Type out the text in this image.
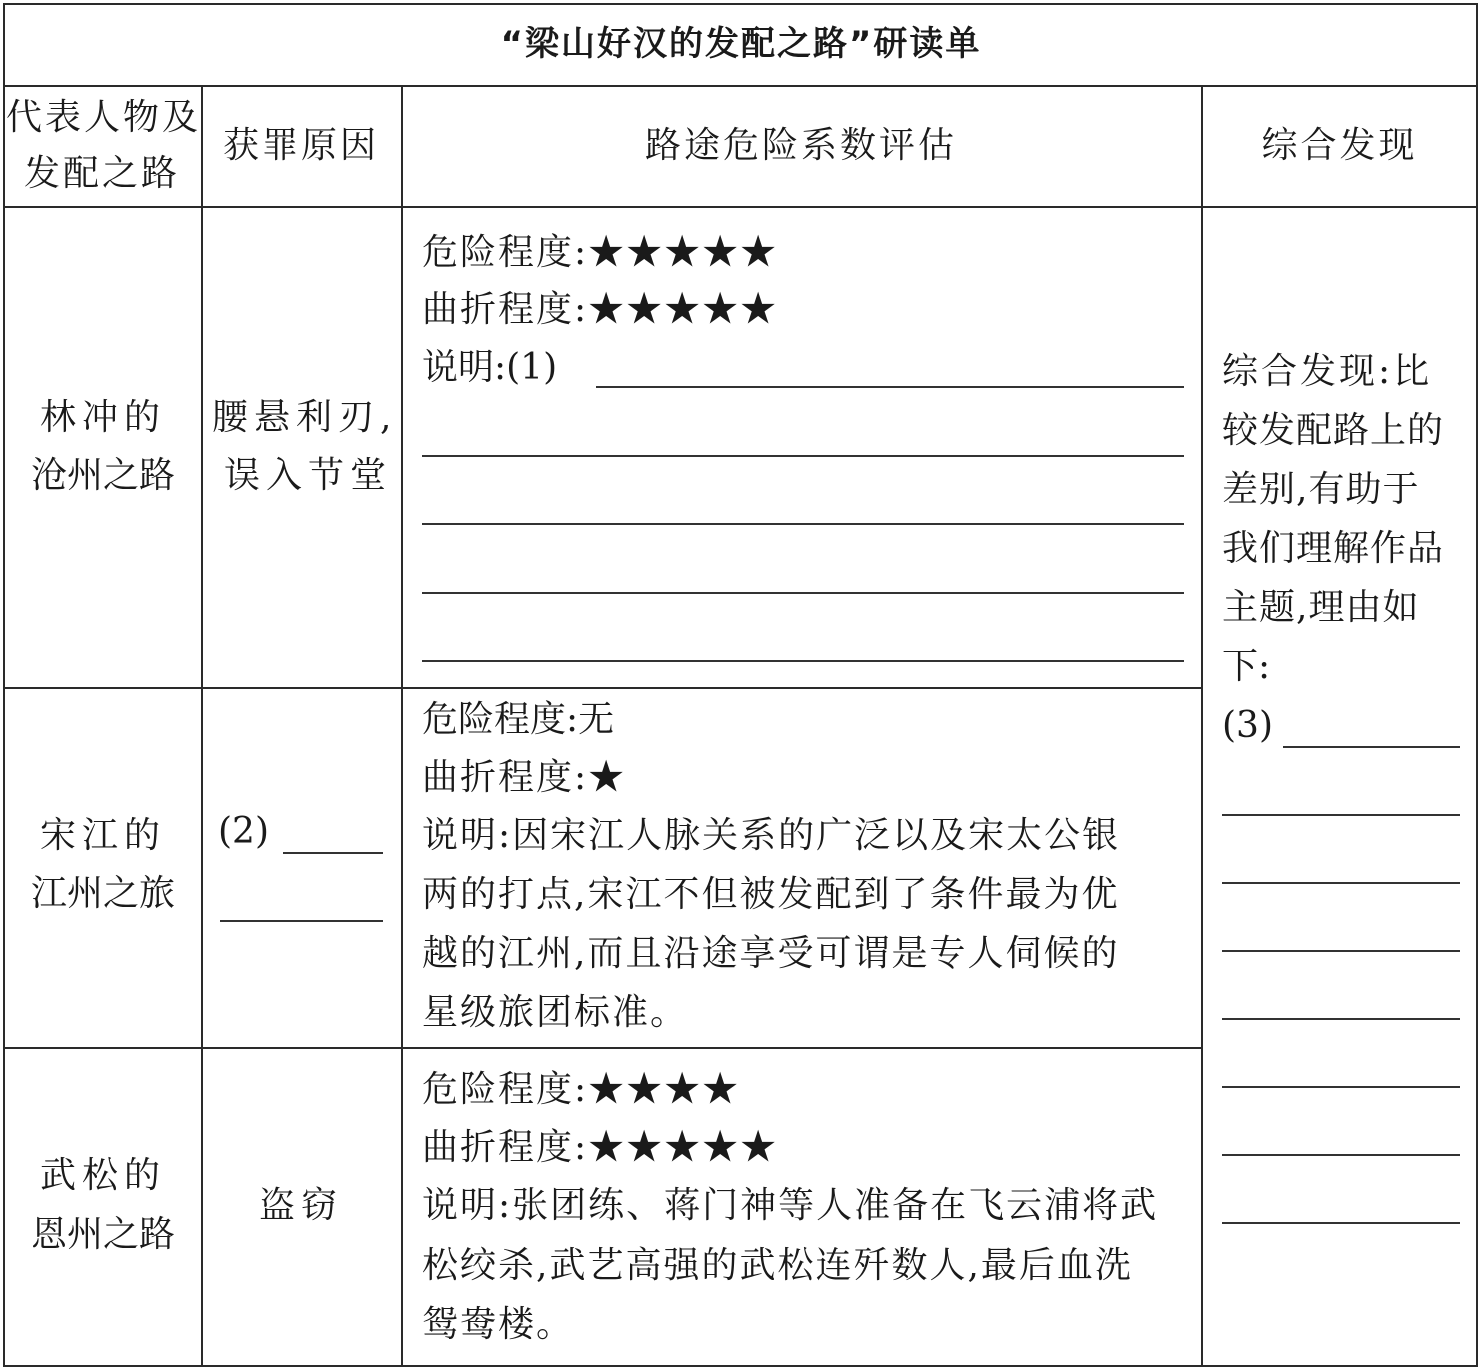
“梁山好汉的发配之路”研读单
代表人物及
发配之路
获罪原因	路途危险系数评估	综合发现
林冲的
沧州之路
腰悬利刃,
误入节堂
危险程度:★★★★★
曲折程度:★★★★★
说明:(1)
宋江的
江州之旅
(2)
危险程度:无
曲折程度:★
说明:因宋江人脉关系的广泛以及宋太公银
两的打点,宋江不但被发配到了条件最为优
越的江州,而且沿途享受可谓是专人伺候的
星级旅团标准。
武松的
恩州之路
盗窃
危险程度:★★★★
曲折程度:★★★★★
说明:张团练、蒋门神等人准备在飞云浦将武
松绞杀,武艺高强的武松连歼数人,最后血洗
鸳鸯楼。
综合发现:比
较发配路上的
差别,有助于
我们理解作品
主题,理由如
下:
(3)
